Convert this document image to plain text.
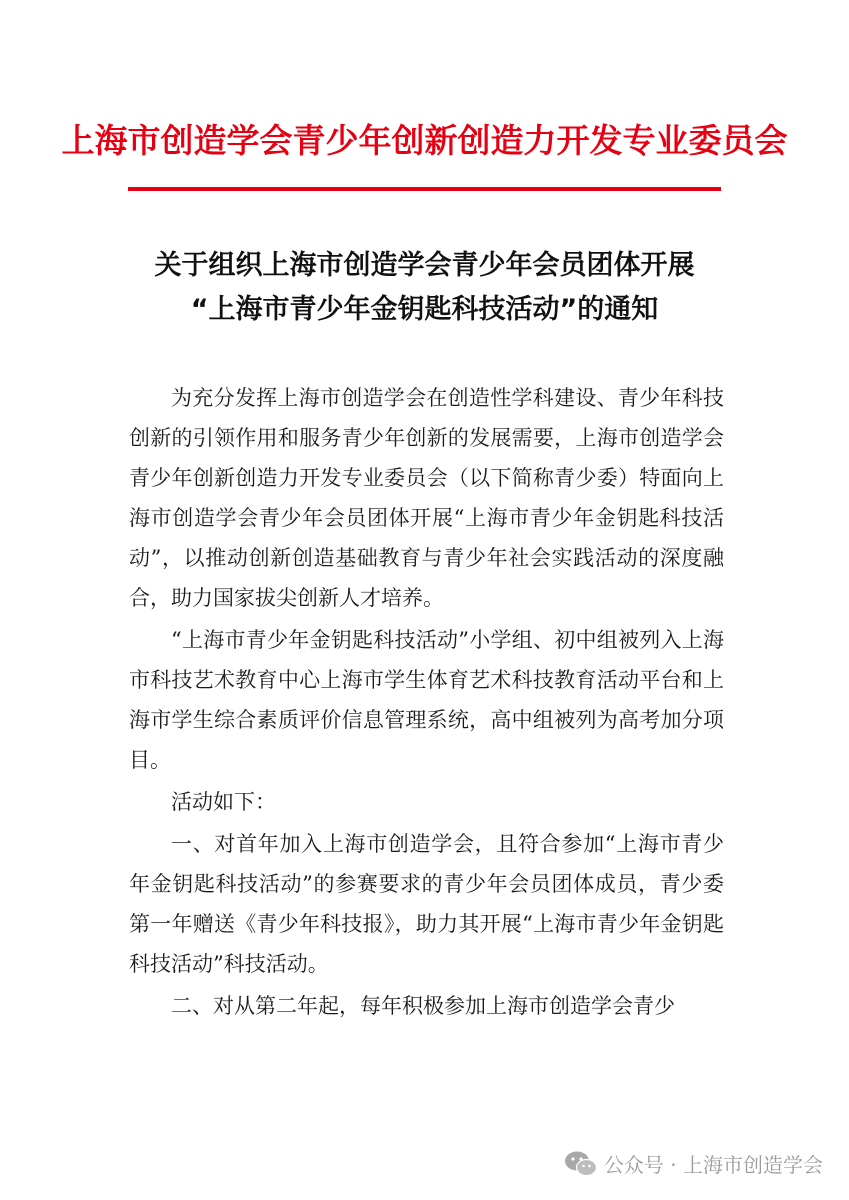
上海市创造学会青少年创新创造力开发专业委员会
关于组织上海市创造学会青少年会员团体开展
“上海市青少年金钥匙科技活动”的通知

为充分发挥上海市创造学会在创造性学科建设、青少年科技创新的引领作用和服务青少年创新的发展需要，上海市创造学会青少年创新创造力开发专业委员会（以下简称青少委）特面向上海市创造学会青少年会员团体开展“上海市青少年金钥匙科技活动”，以推动创新创造基础教育与青少年社会实践活动的深度融合，助力国家拔尖创新人才培养。

“上海市青少年金钥匙科技活动”小学组、初中组被列入上海市科技艺术教育中心上海市学生体育艺术科技教育活动平台和上海市学生综合素质评价信息管理系统，高中组被列为高考加分项目。

活动如下：

一、对首年加入上海市创造学会，且符合参加“上海市青少年金钥匙科技活动”的参赛要求的青少年会员团体成员，青少委第一年赠送《青少年科技报》，助力其开展“上海市青少年金钥匙科技活动”科技活动。

二、对从第二年起，每年积极参加上海市创造学会青少

公众号 · 上海市创造学会
